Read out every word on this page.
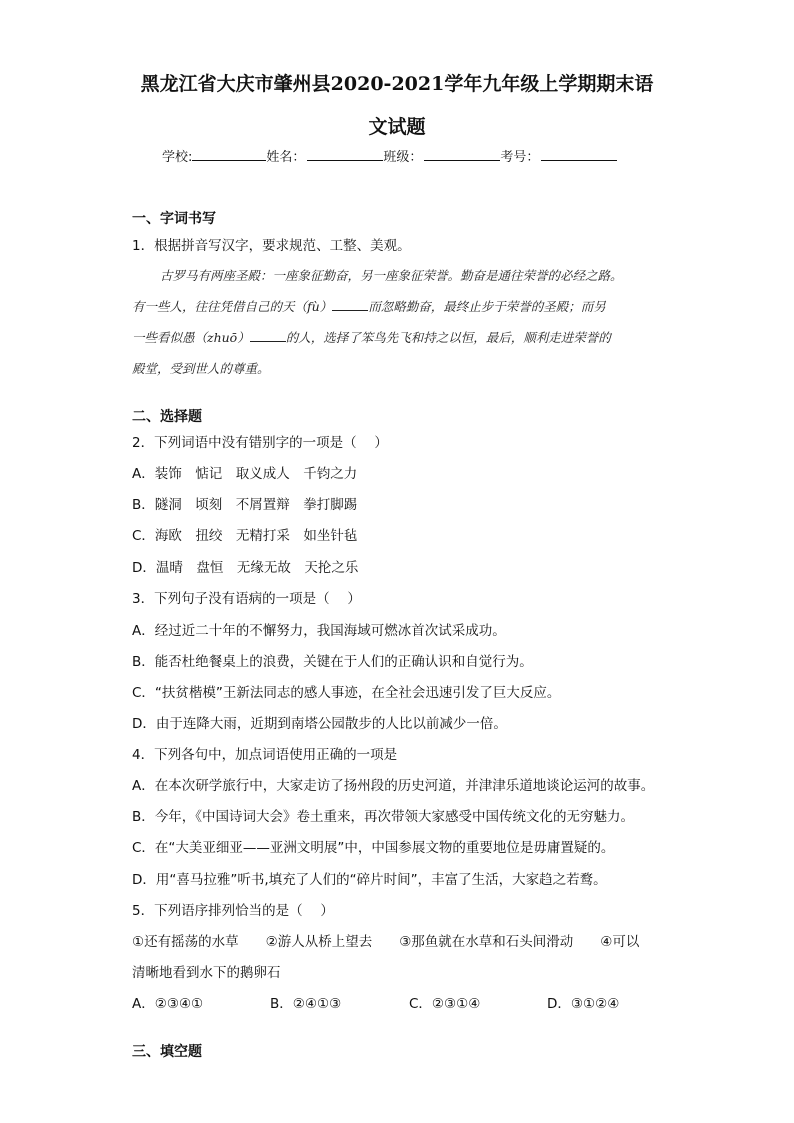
黑龙江省大庆市肇州县2020-2021学年九年级上学期期末语
文试题
学校:	姓名：	班级：	考号：
一、字词书写
1．根据拼音写汉字，要求规范、工整、美观。
古罗马有两座圣殿：一座象征勤奋，另一座象征荣誉。勤奋是通往荣誉的必经之路。
有一些人，往往凭借自己的天（fù）	而忽略勤奋，最终止步于荣誉的圣殿；而另
一些看似愚（zhuō）	的人，选择了笨鸟先飞和持之以恒，最后，顺利走进荣誉的
殿堂，受到世人的尊重。
二、选择题
2．下列词语中没有错别字的一项是（　 ）
A．装饰　惦记　取义成人　千钧之力
B．隧洞　顷刻　不屑置辩　拳打脚踢
C．海欧　扭绞　无精打采　如坐针毡
D．温晴　盘恒　无缘无故　天抡之乐
3．下列句子没有语病的一项是（　 ）
A．经过近二十年的不懈努力，我国海域可燃冰首次试采成功。
B．能否杜绝餐桌上的浪费，关键在于人们的正确认识和自觉行为。
C．“扶贫楷模”王新法同志的感人事迹，在全社会迅速引发了巨大反应。
D．由于连降大雨，近期到南塔公园散步的人比以前减少一倍。
4．下列各句中，加点词语使用正确的一项是
A．在本次研学旅行中，大家走访了扬州段的历史河道，并津津乐道地谈论运河的故事。
B．今年，《中国诗词大会》卷土重来，再次带领大家感受中国传统文化的无穷魅力。
C．在“大美亚细亚——亚洲文明展”中，中国参展文物的重要地位是毋庸置疑的。
D．用“喜马拉雅”听书,填充了人们的“碎片时间”，丰富了生活，大家趋之若鹜。
5．下列语序排列恰当的是（　 ）
①还有摇荡的水草　　②游人从桥上望去　　③那鱼就在水草和石头间滑动　　④可以
清晰地看到水下的鹅卵石
A．②③④①	B．②④①③	C．②③①④	D．③①②④
三、填空题
